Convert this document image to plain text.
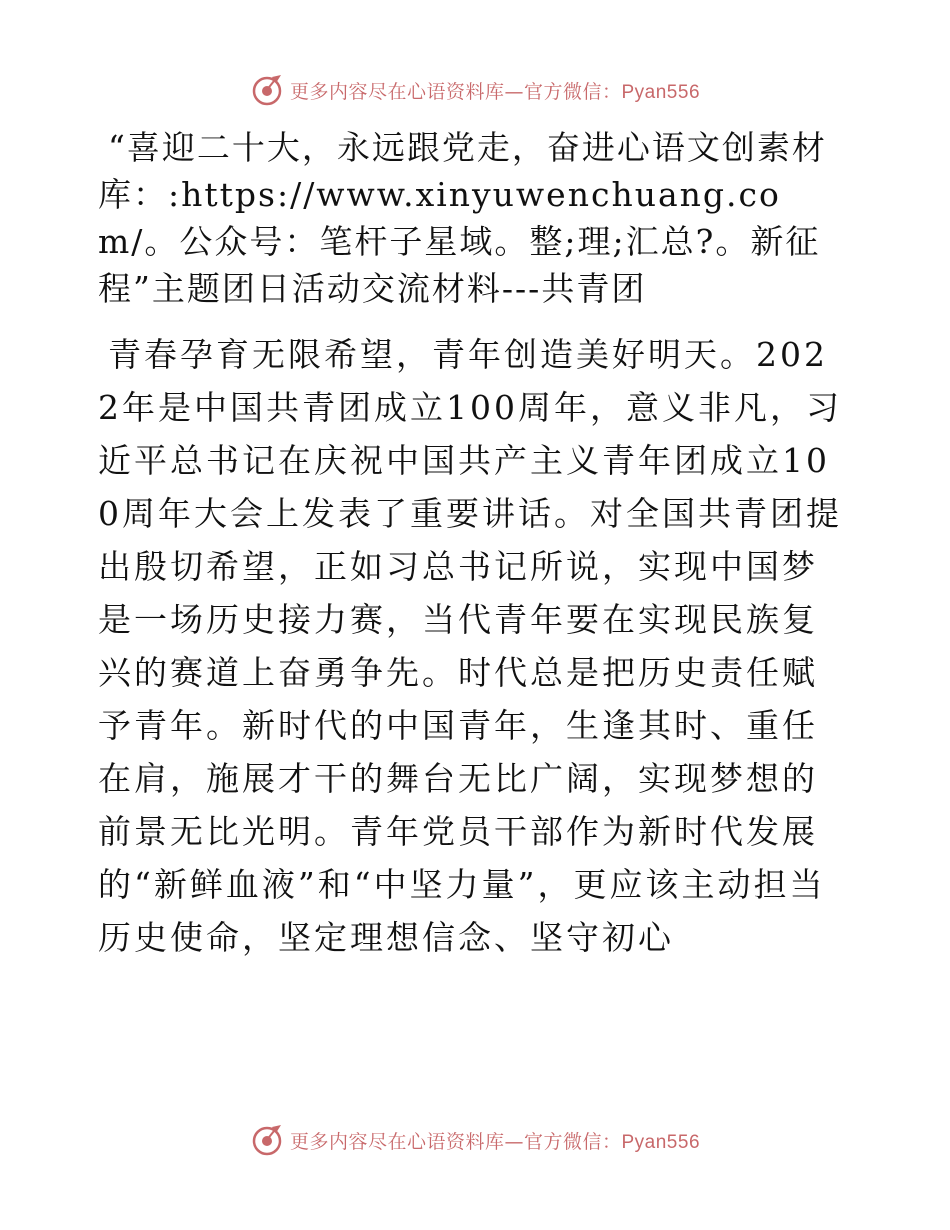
更多内容尽在心语资料库—官方微信：Pyan556

“喜迎二十大，永远跟党走，奋进心语文创素材库：:https://www.xinyuwenchuang.com/。公众号：笔杆子星域。整;理;汇总?。新征程”主题团日活动交流材料---共青团

青春孕育无限希望，青年创造美好明天。2022年是中国共青团成立100周年，意义非凡，习近平总书记在庆祝中国共产主义青年团成立100周年大会上发表了重要讲话。对全国共青团提出殷切希望，正如习总书记所说，实现中国梦是一场历史接力赛，当代青年要在实现民族复兴的赛道上奋勇争先。时代总是把历史责任赋予青年。新时代的中国青年，生逢其时、重任在肩，施展才干的舞台无比广阔，实现梦想的前景无比光明。青年党员干部作为新时代发展的“新鲜血液”和“中坚力量”，更应该主动担当历史使命，坚定理想信念、坚守初心

更多内容尽在心语资料库—官方微信：Pyan556
